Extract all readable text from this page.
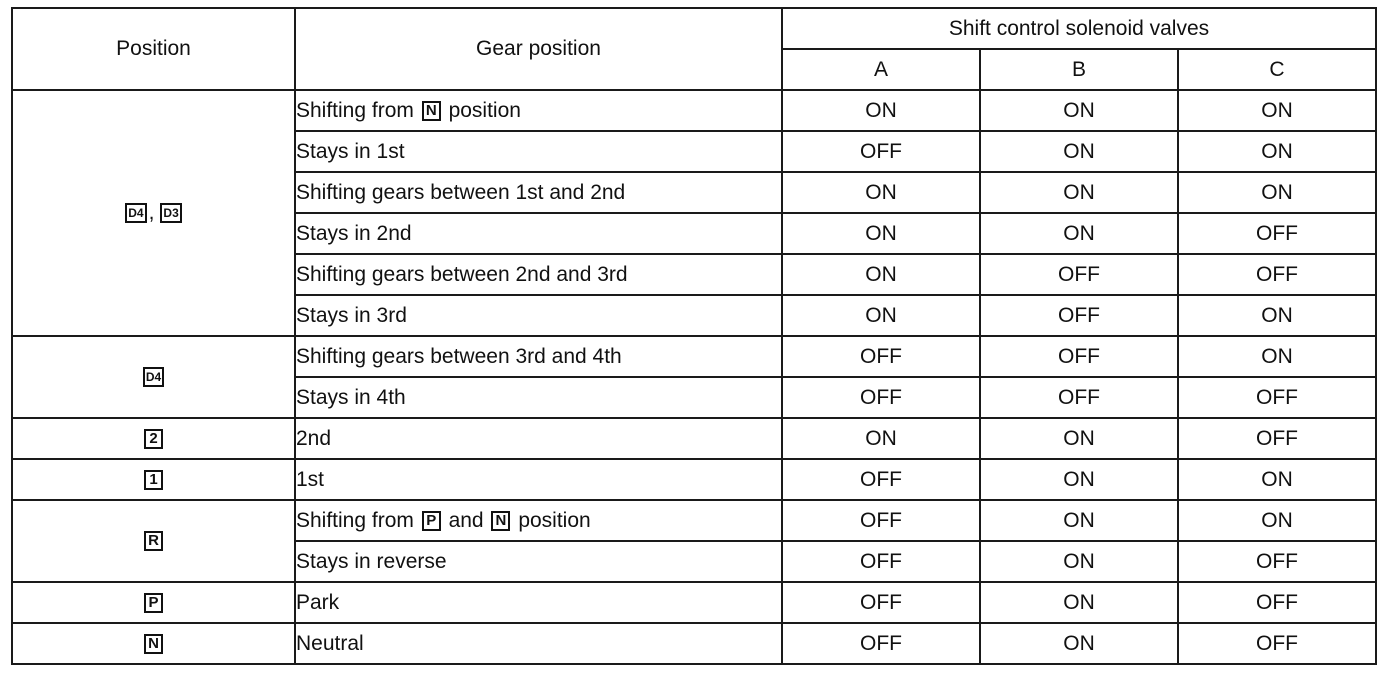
Position	Gear position	Shift control solenoid valves		
		A	B	C
D4 , D3	Shifting from N position	ON	ON	ON
	Stays in 1st	OFF	ON	ON
	Shifting gears between 1st and 2nd	ON	ON	ON
	Stays in 2nd	ON	ON	OFF
	Shifting gears between 2nd and 3rd	ON	OFF	OFF
	Stays in 3rd	ON	OFF	ON
D4	Shifting gears between 3rd and 4th	OFF	OFF	ON
	Stays in 4th	OFF	OFF	OFF
2	2nd	ON	ON	OFF
1	1st	OFF	ON	ON
R	Shifting from P and N position	OFF	ON	ON
	Stays in reverse	OFF	ON	OFF
P	Park	OFF	ON	OFF
N	Neutral	OFF	ON	OFF
